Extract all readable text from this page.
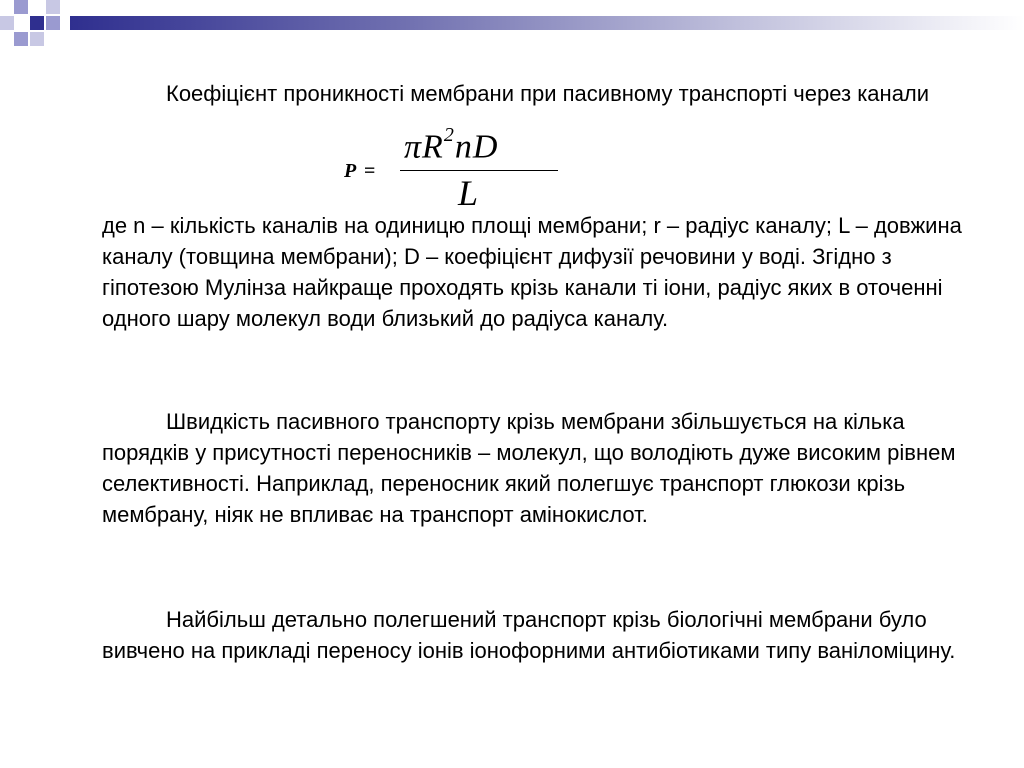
Коефіцієнт проникності мембрани при пасивному транспорті через канали

P =
$\pi R^2nD$
L

де n – кількість каналів на одиницю площі мембрани; r – радіус каналу; L – довжина каналу (товщина мембрани); D – коефіцієнт дифузії речовини у воді. Згідно з гіпотезою Мулінза найкраще проходять крізь канали ті іони, радіус яких в оточенні одного шару молекул води близький до радіуса каналу.

Швидкість пасивного транспорту крізь мембрани збільшується на кілька порядків у присутності переносників – молекул, що володіють дуже високим рівнем селективності. Наприклад, переносник який полегшує транспорт глюкози крізь мембрану, ніяк не впливає на транспорт амінокислот.

Найбільш детально полегшений транспорт крізь біологічні мембрани було вивчено на прикладі переносу іонів іонофорними антибіотиками типу ваніломіцину.
